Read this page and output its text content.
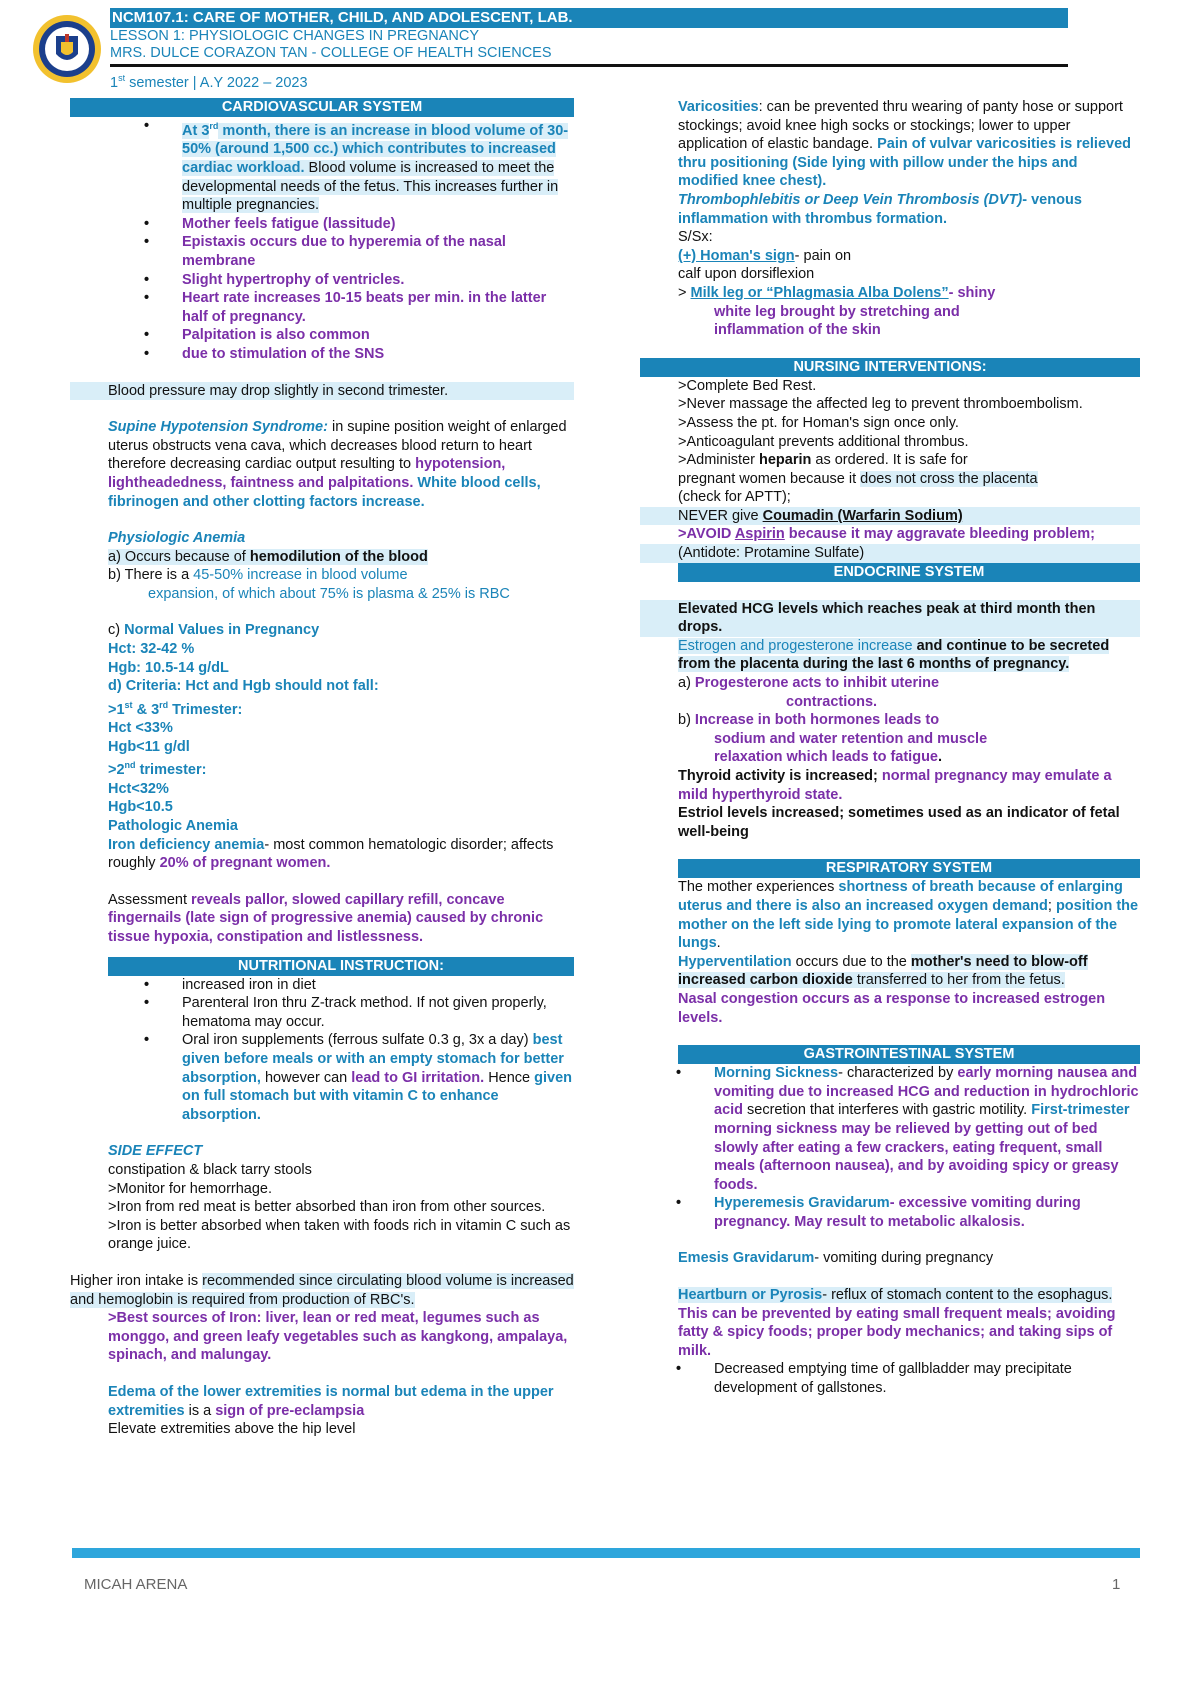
NCM107.1: CARE OF MOTHER, CHILD, AND ADOLESCENT, LAB.
LESSON 1: PHYSIOLOGIC CHANGES IN PREGNANCY
MRS. DULCE CORAZON TAN - COLLEGE OF HEALTH SCIENCES
1st semester | A.Y 2022 – 2023
CARDIOVASCULAR SYSTEM
• At 3rd month, there is an increase in blood volume of 30-50% (around 1,500 cc.) which contributes to increased cardiac workload. Blood volume is increased to meet the developmental needs of the fetus. This increases further in multiple pregnancies.
• Mother feels fatigue (lassitude)
• Epistaxis occurs due to hyperemia of the nasal membrane
• Slight hypertrophy of ventricles.
• Heart rate increases 10-15 beats per min. in the latter half of pregnancy.
• Palpitation is also common
• due to stimulation of the SNS
Blood pressure may drop slightly in second trimester.
Supine Hypotension Syndrome: in supine position weight of enlarged uterus obstructs vena cava, which decreases blood return to heart therefore decreasing cardiac output resulting to hypotension, lightheadedness, faintness and palpitations. White blood cells, fibrinogen and other clotting factors increase.
Physiologic Anemia
a) Occurs because of hemodilution of the blood
b) There is a 45-50% increase in blood volume
expansion, of which about 75% is plasma & 25% is RBC
c) Normal Values in Pregnancy
Hct: 32-42 %
Hgb: 10.5-14 g/dL
d) Criteria: Hct and Hgb should not fall:
>1st & 3rd Trimester:
Hct <33%
Hgb<11 g/dl
>2nd trimester:
Hct<32%
Hgb<10.5
Pathologic Anemia
Iron deficiency anemia- most common hematologic disorder; affects roughly 20% of pregnant women.
Assessment reveals pallor, slowed capillary refill, concave fingernails (late sign of progressive anemia) caused by chronic tissue hypoxia, constipation and listlessness.
NUTRITIONAL INSTRUCTION:
• increased iron in diet
• Parenteral Iron thru Z-track method. If not given properly, hematoma may occur.
• Oral iron supplements (ferrous sulfate 0.3 g, 3x a day) best given before meals or with an empty stomach for better absorption, however can lead to GI irritation. Hence given on full stomach but with vitamin C to enhance absorption.
SIDE EFFECT
constipation & black tarry stools
>Monitor for hemorrhage.
>Iron from red meat is better absorbed than iron from other sources.
>Iron is better absorbed when taken with foods rich in vitamin C such as orange juice.
Higher iron intake is recommended since circulating blood volume is increased and hemoglobin is required from production of RBC's.
>Best sources of Iron: liver, lean or red meat, legumes such as monggo, and green leafy vegetables such as kangkong, ampalaya, spinach, and malungay.
Edema of the lower extremities is normal but edema in the upper extremities is a sign of pre-eclampsia
Elevate extremities above the hip level
Varicosities: can be prevented thru wearing of panty hose or support stockings; avoid knee high socks or stockings; lower to upper application of elastic bandage. Pain of vulvar varicosities is relieved thru positioning (Side lying with pillow under the hips and modified knee chest).
Thrombophlebitis or Deep Vein Thrombosis (DVT)- venous inflammation with thrombus formation.
S/Sx:
(+) Homan's sign- pain on
calf upon dorsiflexion
> Milk leg or “Phlagmasia Alba Dolens”- shiny
white leg brought by stretching and
inflammation of the skin
NURSING INTERVENTIONS:
>Complete Bed Rest.
>Never massage the affected leg to prevent thromboembolism.
>Assess the pt. for Homan's sign once only.
>Anticoagulant prevents additional thrombus.
>Administer heparin as ordered. It is safe for
pregnant women because it does not cross the placenta
(check for APTT);
NEVER give Coumadin (Warfarin Sodium)
>AVOID Aspirin because it may aggravate bleeding problem;
(Antidote: Protamine Sulfate)
ENDOCRINE SYSTEM
Elevated HCG levels which reaches peak at third month then drops.
Estrogen and progesterone increase and continue to be secreted from the placenta during the last 6 months of pregnancy.
a) Progesterone acts to inhibit uterine
contractions.
b) Increase in both hormones leads to
sodium and water retention and muscle
relaxation which leads to fatigue.
Thyroid activity is increased; normal pregnancy may emulate a mild hyperthyroid state.
Estriol levels increased; sometimes used as an indicator of fetal well-being
RESPIRATORY SYSTEM
The mother experiences shortness of breath because of enlarging uterus and there is also an increased oxygen demand; position the mother on the left side lying to promote lateral expansion of the lungs.
Hyperventilation occurs due to the mother's need to blow-off increased carbon dioxide transferred to her from the fetus.
Nasal congestion occurs as a response to increased estrogen levels.
GASTROINTESTINAL SYSTEM
• Morning Sickness- characterized by early morning nausea and vomiting due to increased HCG and reduction in hydrochloric acid secretion that interferes with gastric motility. First-trimester morning sickness may be relieved by getting out of bed slowly after eating a few crackers, eating frequent, small meals (afternoon nausea), and by avoiding spicy or greasy foods.
• Hyperemesis Gravidarum- excessive vomiting during pregnancy. May result to metabolic alkalosis.
Emesis Gravidarum- vomiting during pregnancy
Heartburn or Pyrosis- reflux of stomach content to the esophagus. This can be prevented by eating small frequent meals; avoiding fatty & spicy foods; proper body mechanics; and taking sips of milk.
• Decreased emptying time of gallbladder may precipitate development of gallstones.
MICAH ARENA	1
